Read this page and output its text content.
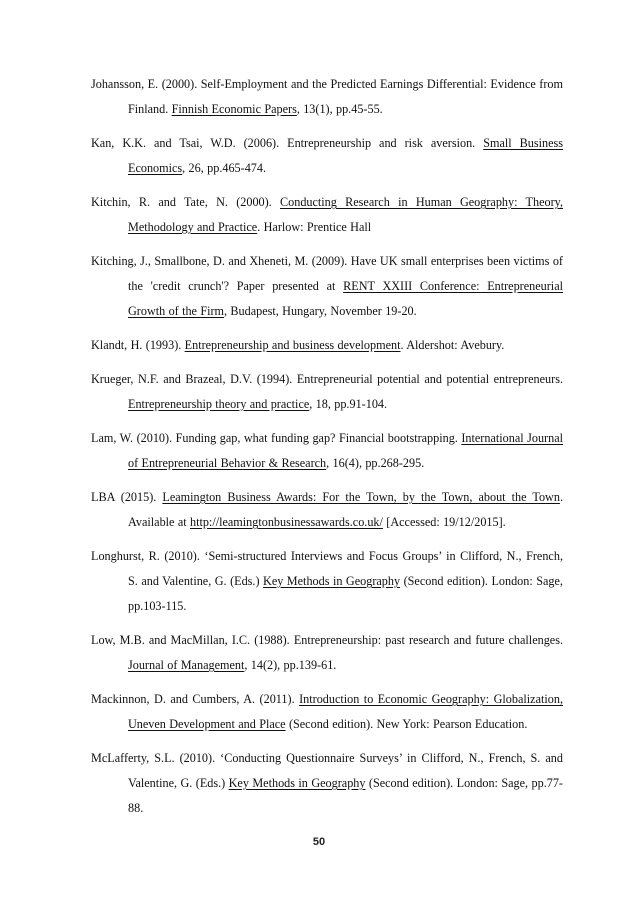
Johansson, E. (2000). Self-Employment and the Predicted Earnings Differential: Evidence from Finland. Finnish Economic Papers, 13(1), pp.45-55.

Kan, K.K. and Tsai, W.D. (2006). Entrepreneurship and risk aversion. Small Business Economics, 26, pp.465-474.

Kitchin, R. and Tate, N. (2000). Conducting Research in Human Geography: Theory, Methodology and Practice. Harlow: Prentice Hall

Kitching, J., Smallbone, D. and Xheneti, M. (2009). Have UK small enterprises been victims of the 'credit crunch'? Paper presented at RENT XXIII Conference: Entrepreneurial Growth of the Firm, Budapest, Hungary, November 19-20.

Klandt, H. (1993). Entrepreneurship and business development. Aldershot: Avebury.

Krueger, N.F. and Brazeal, D.V. (1994). Entrepreneurial potential and potential entrepreneurs. Entrepreneurship theory and practice, 18, pp.91-104.

Lam, W. (2010). Funding gap, what funding gap? Financial bootstrapping. International Journal of Entrepreneurial Behavior & Research, 16(4), pp.268-295.

LBA (2015). Leamington Business Awards: For the Town, by the Town, about the Town. Available at http://leamingtonbusinessawards.co.uk/ [Accessed: 19/12/2015].

Longhurst, R. (2010). ‘Semi-structured Interviews and Focus Groups’ in Clifford, N., French, S. and Valentine, G. (Eds.) Key Methods in Geography (Second edition). London: Sage, pp.103-115.

Low, M.B. and MacMillan, I.C. (1988). Entrepreneurship: past research and future challenges. Journal of Management, 14(2), pp.139-61.

Mackinnon, D. and Cumbers, A. (2011). Introduction to Economic Geography: Globalization, Uneven Development and Place (Second edition). New York: Pearson Education.

McLafferty, S.L. (2010). ‘Conducting Questionnaire Surveys’ in Clifford, N., French, S. and Valentine, G. (Eds.) Key Methods in Geography (Second edition). London: Sage, pp.77-88.

50
